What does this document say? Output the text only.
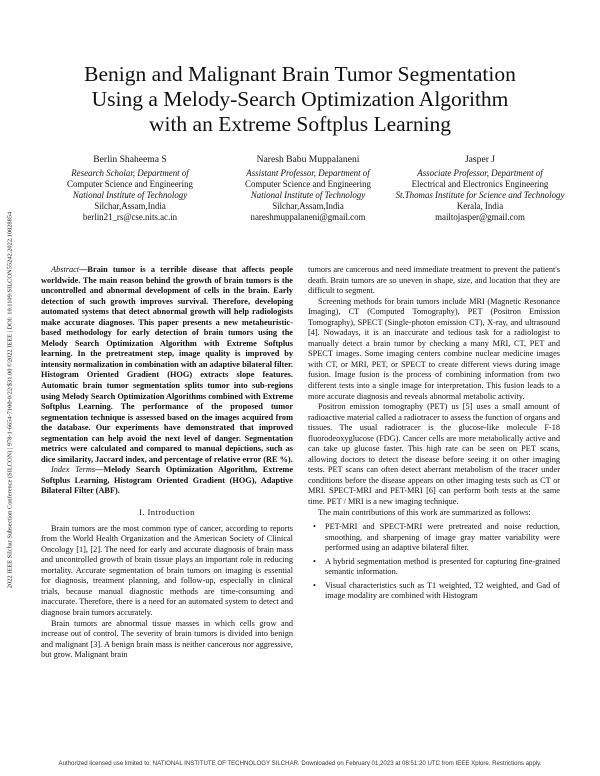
2022 IEEE Silchar Subsection Conference (SILCON) | 978-1-6654-7100-0/22/$31.00 ©2022 IEEE | DOI: 10.1109/SILCON55242.2022.10028854
Benign and Malignant Brain Tumor Segmentation
Using a Melody-Search Optimization Algorithm
with an Extreme Softplus Learning
Berlin Shaheema S
Research Scholar, Department of
Computer Science and Engineering
National Institute of Technology
Silchar,Assam,India
berlin21_rs@cse.nits.ac.in
Naresh Babu Muppalaneni
Assistant Professor, Department of
Computer Science and Engineering
National Institute of Technology
Silchar,Assam,India
nareshmuppalaneni@gmail.com
Jasper J
Associate Professor, Department of
Electrical and Electronics Engineering
St.Thomas Institute for Science and Technology
Kerala, India
mailtojasper@gmail.com

Abstract—Brain tumor is a terrible disease that affects people worldwide. The main reason behind the growth of brain tumors is the uncontrolled and abnormal development of cells in the brain. Early detection of such growth improves survival. Therefore, developing automated systems that detect abnormal growth will help radiologists make accurate diagnoses. This paper presents a new metaheuristic-based methodology for early detection of brain tumors using the Melody Search Optimization Algorithm with Extreme Softplus learning. In the pretreatment step, image quality is improved by intensity normalization in combination with an adaptive bilateral filter. Histogram Oriented Gradient (HOG) extracts slope features. Automatic brain tumor segmentation splits tumor into sub-regions using Melody Search Optimization Algorithms combined with Extreme Softplus Learning. The performance of the proposed tumor segmentation technique is assessed based on the images acquired from the database. Our experiments have demonstrated that improved segmentation can help avoid the next level of danger. Segmentation metrics were calculated and compared to manual depictions, such as dice similarity, Jaccard index, and percentage of relative error (RE %).

Index Terms—Melody Search Optimization Algorithm, Extreme Softplus Learning, Histogram Oriented Gradient (HOG), Adaptive Bilateral Filter (ABF).

I. Introduction

Brain tumors are the most common type of cancer, according to reports from the World Health Organization and the American Society of Clinical Oncology [1], [2]. The need for early and accurate diagnosis of brain mass and uncontrolled growth of brain tissue plays an important role in reducing mortality. Accurate segmentation of brain tumors on imaging is essential for diagnosis, treatment planning, and follow-up, especially in clinical trials, because manual diagnostic methods are time-consuming and inaccurate. Therefore, there is a need for an automated system to detect and diagnose brain tumors accurately.

Brain tumors are abnormal tissue masses in which cells grow and increase out of control. The severity of brain tumors is divided into benign and malignant [3]. A benign brain mass is neither cancerous nor aggressive, but grow. Malignant brain

tumors are cancerous and need immediate treatment to prevent the patient's death. Brain tumors are so uneven in shape, size, and location that they are difficult to segment.

Screening methods for brain tumors include MRI (Magnetic Resonance Imaging), CT (Computed Tomography), PET (Positron Emission Tomography), SPECT (Single-photon emission CT), X-ray, and ultrasound [4]. Nowadays, it is an inaccurate and tedious task for a radiologist to manually detect a brain tumor by checking a many MRI, CT, PET and SPECT images. Some imaging centers combine nuclear medicine images with CT, or MRI, PET, or SPECT to create different views during image fusion. Image fusion is the process of combining information from two different tests into a single image for interpretation. This fusion leads to a more accurate diagnosis and reveals abnormal metabolic activity.

Positron emission tomography (PET) us [5] uses a small amount of radioactive material called a radiotracer to assess the function of organs and tissues. The usual radiotracer is the glucose-like molecule F-18 fluorodeoxyglucose (FDG). Cancer cells are more metabolically active and can take up glucose faster. This high rate can be seen on PET scans, allowing doctors to detect the disease before seeing it on other imaging tests. PET scans can often detect aberrant metabolism of the tracer under conditions before the disease appears on other imaging tests such as CT or MRI. SPECT-MRI and PET-MRI [6] can perform both tests at the same time. PET / MRI is a new imaging technique.

The main contributions of this work are summarized as follows:

• PET-MRI and SPECT-MRI were pretreated and noise reduction, smoothing, and sharpening of image gray matter variability were performed using an adaptive bilateral filter.
• A hybrid segmentation method is presented for capturing fine-grained semantic information.
• Visual characteristics such as T1 weighted, T2 weighted, and Gad of image modality are combined with Histogram
Authorized licensed use limited to: NATIONAL INSTITUTE OF TECHNOLOGY SILCHAR. Downloaded on February 01,2023 at 08:51:20 UTC from IEEE Xplore. Restrictions apply.
